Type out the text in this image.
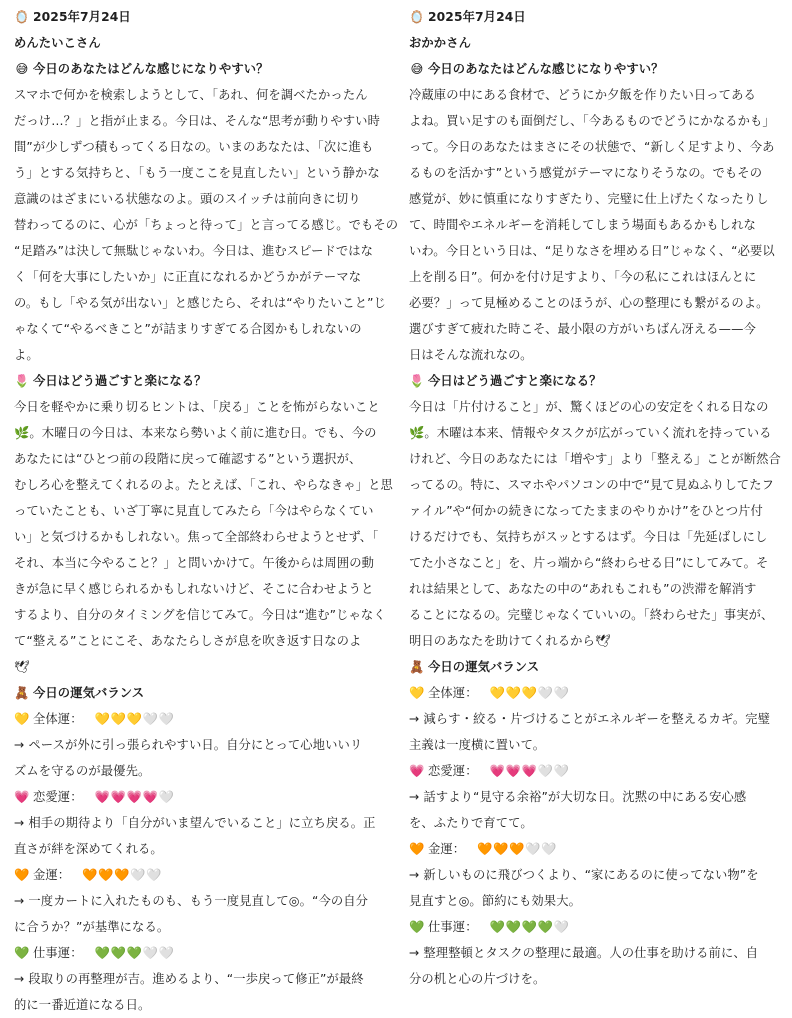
🪞 2025年7月24日
めんたいこさん
😅 今日のあなたはどんな感じになりやすい？
スマホで何かを検索しようとして、「あれ、何を調べたかったん
だっけ…？」と指が止まる。今日は、そんな“思考が動りやすい時
間”が少しずつ積もってくる日なの。いまのあなたは、「次に進も
う」とする気持ちと、「もう一度ここを見直したい」という静かな
意識のはざまにいる状態なのよ。頭のスイッチは前向きに切り
替わってるのに、心が「ちょっと待って」と言ってる感じ。でもその
“足踏み”は決して無駄じゃないわ。今日は、進むスピードではな
く「何を大事にしたいか」に正直になれるかどうかがテーマな
の。もし「やる気が出ない」と感じたら、それは“やりたいこと”じ
ゃなくて“やるべきこと”が詰まりすぎてる合図かもしれないの
よ。
🌷 今日はどう過ごすと楽になる？
今日を軽やかに乗り切るヒントは、「戻る」ことを怖がらないこと
🌿。木曜日の今日は、本来なら勢いよく前に進む日。でも、今の
あなたには“ひとつ前の段階に戻って確認する”という選択が、
むしろ心を整えてくれるのよ。たとえば、「これ、やらなきゃ」と思
っていたことも、いざ丁寧に見直してみたら「今はやらなくてい
い」と気づけるかもしれない。焦って全部終わらせようとせず、「
それ、本当に今やること？」と問いかけて。午後からは周囲の動
きが急に早く感じられるかもしれないけど、そこに合わせようと
するより、自分のタイミングを信じてみて。今日は“進む”じゃなく
て“整える”ことにこそ、あなたらしさが息を吹き返す日なのよ
🕊
🧸 今日の運気バランス
💛 全体運： 💛💛💛🤍🤍
→ ペースが外に引っ張られやすい日。自分にとって心地いいリ
ズムを守るのが最優先。
💗 恋愛運： 💗💗💗💗🤍
→ 相手の期待より「自分がいま望んでいること」に立ち戻る。正
直さが絆を深めてくれる。
🧡 金運： 🧡🧡🧡🤍🤍
→ 一度カートに入れたものも、もう一度見直して◎。“今の自分
に合うか？”が基準になる。
💚 仕事運： 💚💚💚🤍🤍
→ 段取りの再整理が吉。進めるより、“一歩戻って修正”が最終
的に一番近道になる日。
🪞 2025年7月24日
おかかさん
😅 今日のあなたはどんな感じになりやすい？
冷蔵庫の中にある食材で、どうにか夕飯を作りたい日ってある
よね。買い足すのも面倒だし、「今あるものでどうにかなるかも」
って。今日のあなたはまさにその状態で、“新しく足すより、今あ
るものを活かす”という感覚がテーマになりそうなの。でもその
感覚が、妙に慎重になりすぎたり、完璧に仕上げたくなったりし
て、時間やエネルギーを消耗してしまう場面もあるかもしれな
いわ。今日という日は、“足りなさを埋める日”じゃなく、“必要以
上を削る日”。何かを付け足すより、「今の私にこれはほんとに
必要？」って見極めることのほうが、心の整理にも繋がるのよ。
選びすぎて疲れた時こそ、最小限の方がいちばん冴える——今
日はそんな流れなの。
🌷 今日はどう過ごすと楽になる？
今日は「片付けること」が、驚くほどの心の安定をくれる日なの
🌿。木曜は本来、情報やタスクが広がっていく流れを持っている
けれど、今日のあなたには「増やす」より「整える」ことが断然合
ってるの。特に、スマホやパソコンの中で“見て見ぬふりしてたフ
ァイル”や“何かの続きになってたままのやりかけ”をひとつ片付
けるだけでも、気持ちがスッとするはず。今日は「先延ばしにし
てた小さなこと」を、片っ端から“終わらせる日”にしてみて。そ
れは結果として、あなたの中の“あれもこれも”の渋滞を解消す
ることになるの。完璧じゃなくていいの。「終わらせた」事実が、
明日のあなたを助けてくれるから🕊
🧸 今日の運気バランス
💛 全体運： 💛💛💛🤍🤍
→ 減らす・絞る・片づけることがエネルギーを整えるカギ。完璧
主義は一度横に置いて。
💗 恋愛運： 💗💗💗🤍🤍
→ 話すより“見守る余裕”が大切な日。沈黙の中にある安心感
を、ふたりで育てて。
🧡 金運： 🧡🧡🧡🤍🤍
→ 新しいものに飛びつくより、“家にあるのに使ってない物”を
見直すと◎。節約にも効果大。
💚 仕事運： 💚💚💚💚🤍
→ 整理整頓とタスクの整理に最適。人の仕事を助ける前に、自
分の机と心の片づけを。
